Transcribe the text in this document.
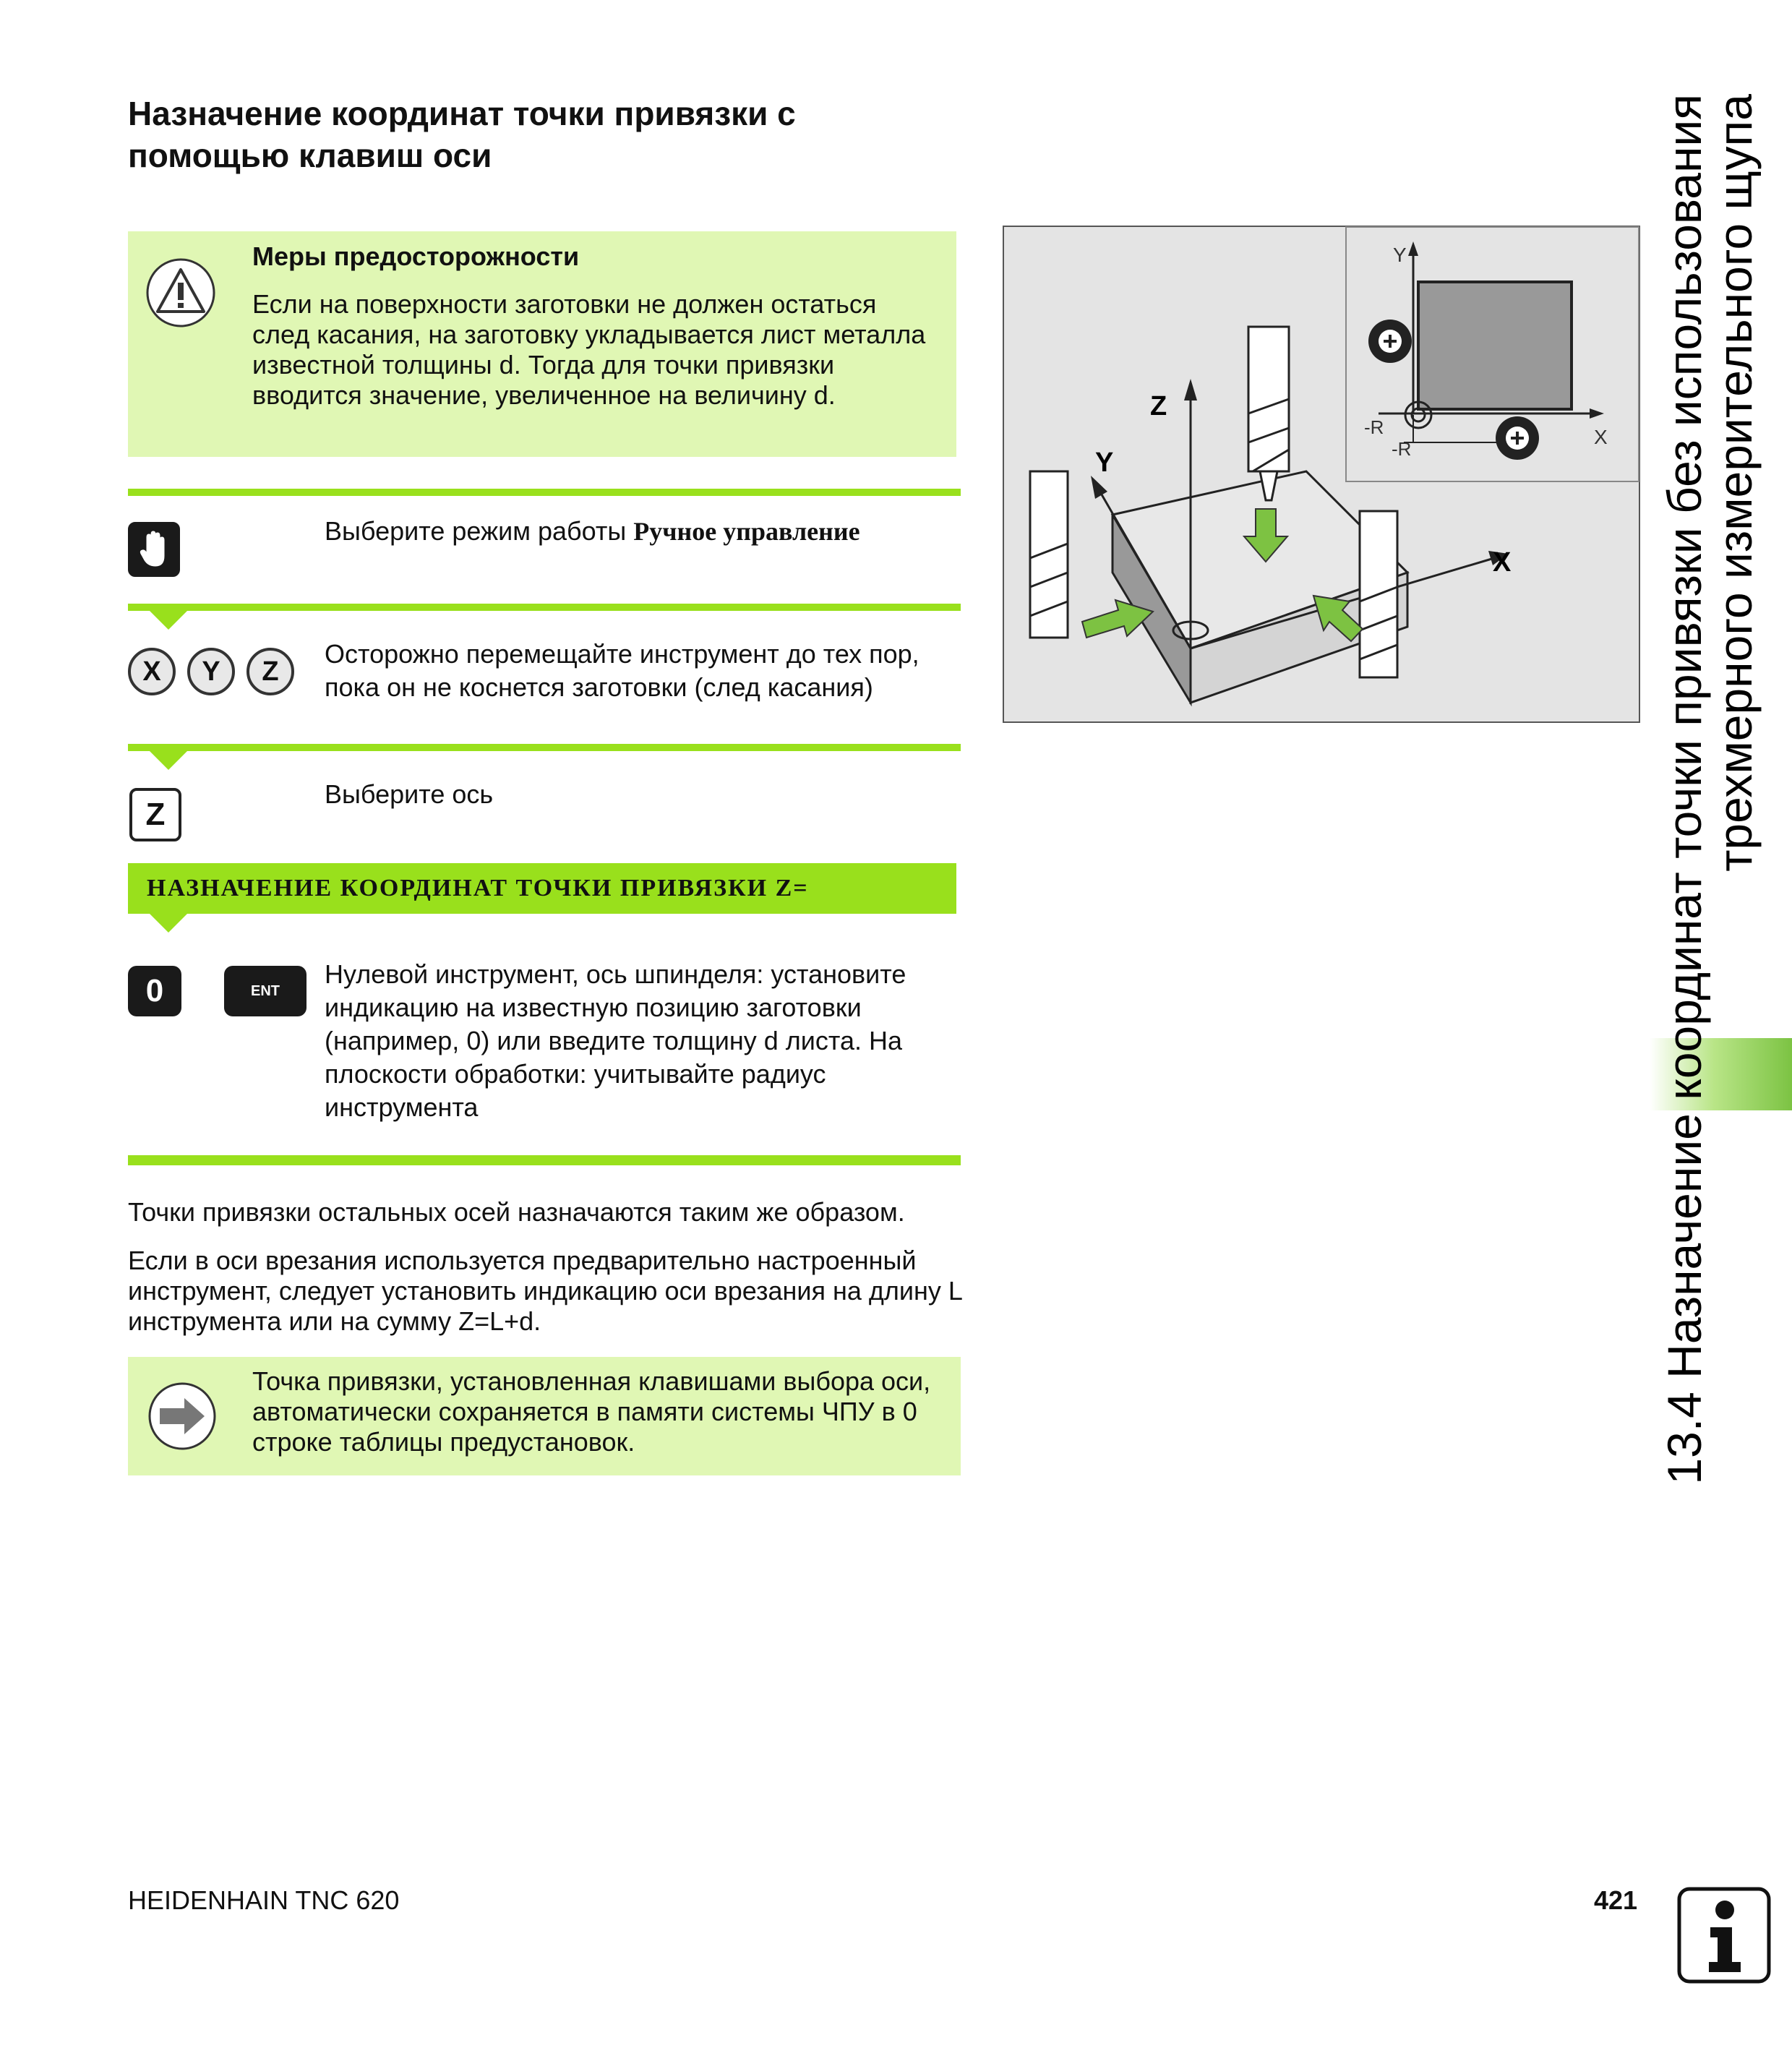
Назначение координат точки привязки с
помощью клавиш оси
Меры предосторожности
Если на поверхности заготовки не должен остаться след касания, на заготовку укладывается лист металла известной толщины d. Тогда для точки привязки вводится значение, увеличенное на величину d.
Выберите режим работы Ручное управление
X Y Z
Осторожно перемещайте инструмент до тех пор, пока он не коснется заготовки (след касания)
Z
Выберите ось
НАЗНАЧЕНИЕ КООРДИНАТ ТОЧКИ ПРИВЯЗКИ Z=
0	ENT
Нулевой инструмент, ось шпинделя: установите индикацию на известную позицию заготовки (например, 0) или введите толщину d листа. На плоскости обработки: учитывайте радиус инструмента
Точки привязки остальных осей назначаются таким же образом.
Если в оси врезания используется предварительно настроенный инструмент, следует установить индикацию оси врезания на длину L инструмента или на сумму Z=L+d.
Точка привязки, установленная клавишами выбора оси, автоматически сохраняется в памяти системы ЧПУ в 0 строке таблицы предустановок.
Y
X
-R
-R
Z
Y
X	13.4 Назначение координат точки привязки без использования
трехмерного измерительного щупа
HEIDENHAIN TNC 620	421
